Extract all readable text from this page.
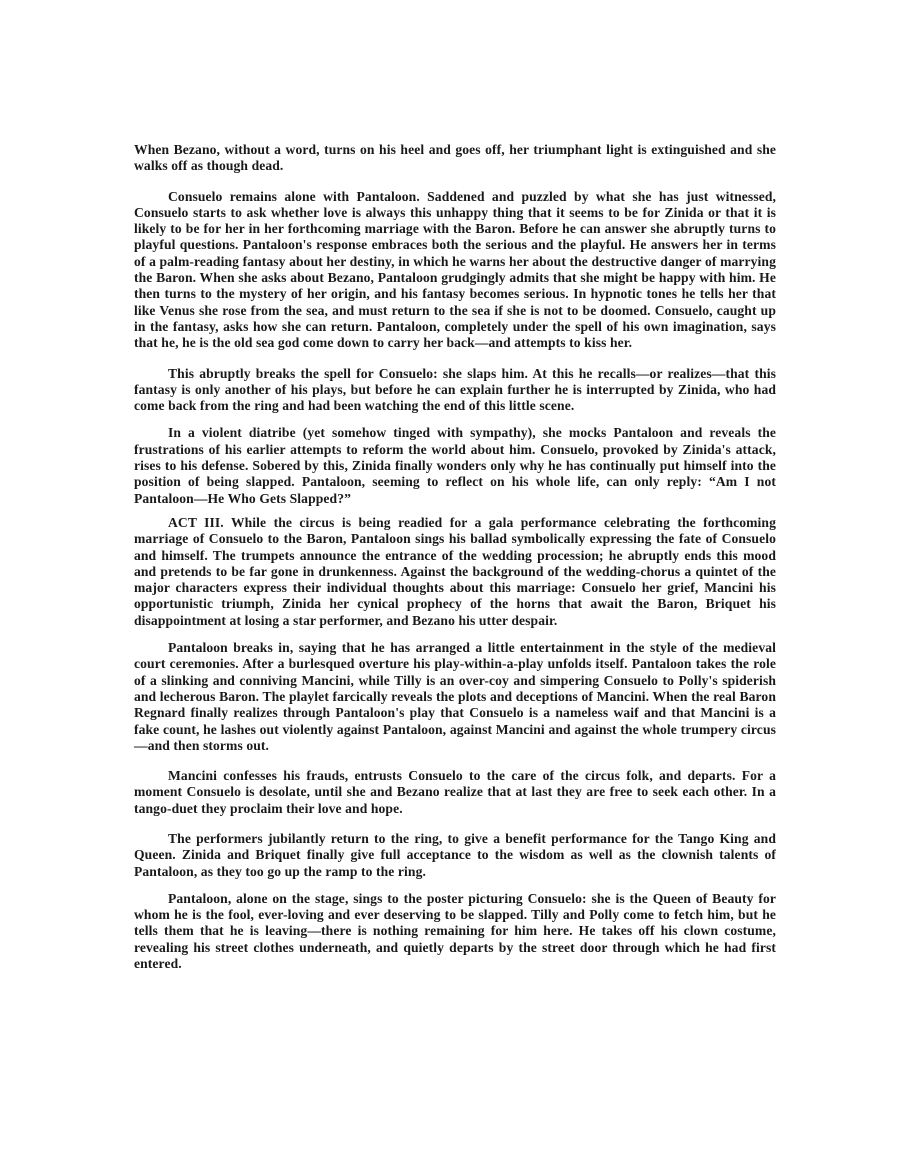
When Bezano, without a word, turns on his heel and goes off, her triumphant light is extinguished and she walks off as though dead.

Consuelo remains alone with Pantaloon. Saddened and puzzled by what she has just witnessed, Consuelo starts to ask whether love is always this unhappy thing that it seems to be for Zinida or that it is likely to be for her in her forthcoming marriage with the Baron. Before he can answer she abruptly turns to playful questions. Pantaloon's response embraces both the serious and the playful. He answers her in terms of a palm-reading fantasy about her destiny, in which he warns her about the destructive danger of marrying the Baron. When she asks about Bezano, Pantaloon grudgingly admits that she might be happy with him. He then turns to the mystery of her origin, and his fantasy becomes serious. In hypnotic tones he tells her that like Venus she rose from the sea, and must return to the sea if she is not to be doomed. Consuelo, caught up in the fantasy, asks how she can return. Pantaloon, completely under the spell of his own imagination, says that he, he is the old sea god come down to carry her back—and attempts to kiss her.

This abruptly breaks the spell for Consuelo: she slaps him. At this he recalls—or realizes—that this fantasy is only another of his plays, but before he can explain further he is interrupted by Zinida, who had come back from the ring and had been watching the end of this little scene.

In a violent diatribe (yet somehow tinged with sympathy), she mocks Pantaloon and reveals the frustrations of his earlier attempts to reform the world about him. Consuelo, provoked by Zinida's attack, rises to his defense. Sobered by this, Zinida finally wonders only why he has continually put himself into the position of being slapped. Pantaloon, seeming to reflect on his whole life, can only reply: “Am I not Pantaloon—He Who Gets Slapped?”

ACT III. While the circus is being readied for a gala performance celebrating the forthcoming marriage of Consuelo to the Baron, Pantaloon sings his ballad symbolically expressing the fate of Consuelo and himself. The trumpets announce the entrance of the wedding procession; he abruptly ends this mood and pretends to be far gone in drunkenness. Against the background of the wedding-chorus a quintet of the major characters express their individual thoughts about this marriage: Consuelo her grief, Mancini his opportunistic triumph, Zinida her cynical prophecy of the horns that await the Baron, Briquet his disappointment at losing a star performer, and Bezano his utter despair.

Pantaloon breaks in, saying that he has arranged a little entertainment in the style of the medieval court ceremonies. After a burlesqued overture his play-within-a-play unfolds itself. Pantaloon takes the role of a slinking and conniving Mancini, while Tilly is an over-coy and simpering Consuelo to Polly's spiderish and lecherous Baron. The playlet farcically reveals the plots and deceptions of Mancini. When the real Baron Regnard finally realizes through Pantaloon's play that Consuelo is a nameless waif and that Mancini is a fake count, he lashes out violently against Pantaloon, against Mancini and against the whole trumpery circus—and then storms out.

Mancini confesses his frauds, entrusts Consuelo to the care of the circus folk, and departs. For a moment Consuelo is desolate, until she and Bezano realize that at last they are free to seek each other. In a tango-duet they proclaim their love and hope.

The performers jubilantly return to the ring, to give a benefit performance for the Tango King and Queen. Zinida and Briquet finally give full acceptance to the wisdom as well as the clownish talents of Pantaloon, as they too go up the ramp to the ring.

Pantaloon, alone on the stage, sings to the poster picturing Consuelo: she is the Queen of Beauty for whom he is the fool, ever-loving and ever deserving to be slapped. Tilly and Polly come to fetch him, but he tells them that he is leaving—there is nothing remaining for him here. He takes off his clown costume, revealing his street clothes underneath, and quietly departs by the street door through which he had first entered.
